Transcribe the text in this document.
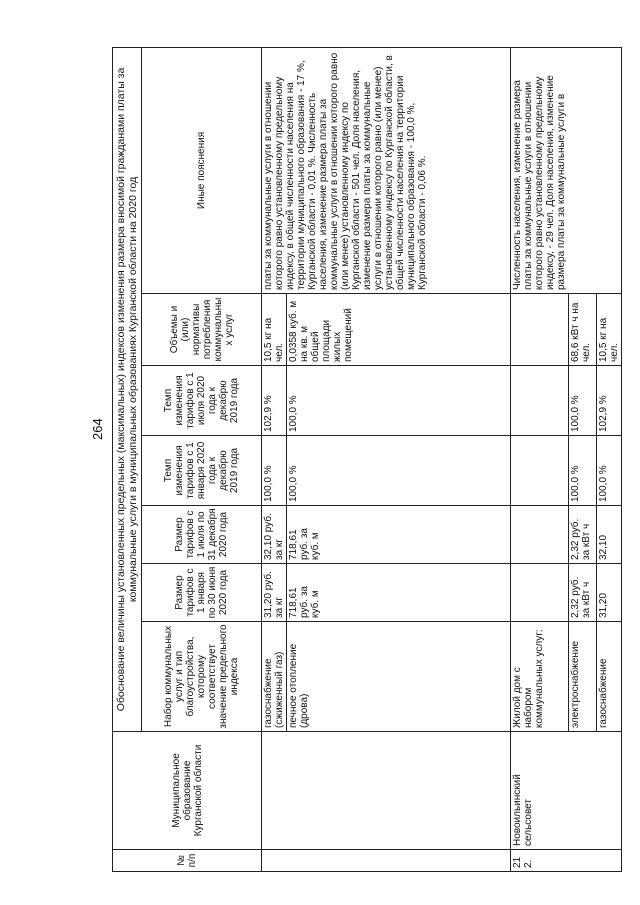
264
№ п/п	Муниципальное образование Курганской области	Обоснование величины установленных предельных (максимальных) индексов изменения размера вносимой гражданами платы за коммунальные услуги в муниципальных образованиях Курганской области на 2020 год						
		Набор коммунальных услуг и тип благоустройства, которому соответствует значение предельного индекса	Размер тарифов с 1 января по 30 июня 2020 года	Размер тарифов с 1 июля по 31 декабря 2020 года	Темп изменения тарифов с 1 января 2020 года к декабрю 2019 года	Темп изменения тарифов с 1 июля 2020 года к декабрю 2019 года	Объемы и (или) нормативы потребления коммунальных услуг	Иные пояснения
		газоснабжение (сжиженный газ)	31,20 руб. за кг	32,10 руб. за кг	100,0 %	102,9 %	10,5 кг на чел.	платы за коммунальные услуги в отношении которого равно установленному предельному индексу, в общей численности населения на территории муниципального образования - 17 %, Курганской области - 0,01 %. Численность населения, изменение размера платы за коммунальные услуги в отношении которого равно (или менее) установленному индексу по Курганской области - 501 чел. Доля населения, изменение размера платы за коммунальные услуги в отношении которого равно (или менее) установленному индексу по Курганской области, в общей численности населения на территории муниципального образования - 100,0 %, Курганской области - 0,06 %.
		печное отопление (дрова)	718,61 руб. за куб. м	718,61 руб. за куб. м	100,0 %	100,0 %	0,0358 куб. м на кв. м общей площади жилых помещений	
212.	Новоильинский сельсовет	Жилой дом с набором коммунальных услуг:						Численность населения, изменение размера платы за коммунальные услуги в отношении которого равно установленному предельному индексу, - 29 чел. Доля населения, изменение размера платы за коммунальные услуги в
		электроснабжение	2,32 руб. за кВт ч	2,32 руб. за кВт ч	100,0 %	100,0 %	68,6 кВт ч на чел.	
		газоснабжение	31,20	32,10	100,0 %	102,9 %	10,5 кг на чел.	
